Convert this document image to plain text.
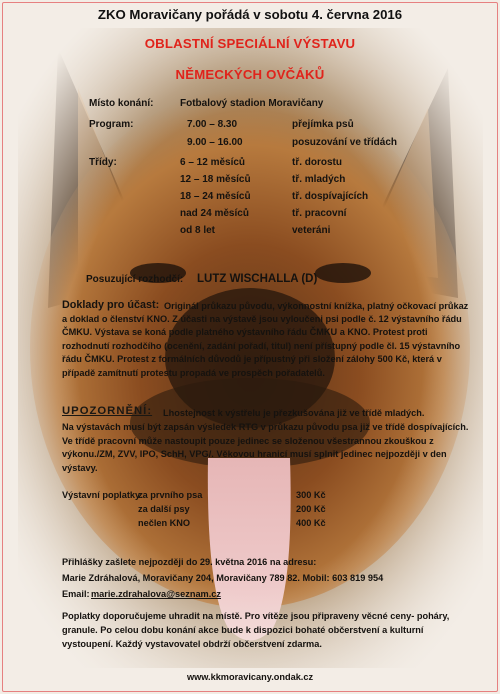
ZKO Moravičany pořádá v sobotu 4. června 2016
OBLASTNÍ SPECIÁLNÍ VÝSTAVU
NĚMECKÝCH OVČÁKŮ
Místo konání:	Fotbalový stadion Moravičany
Program:	7.00 – 8.30	přejímka psů
9.00 – 16.00	posuzování ve třídách
Třídy:	6 – 12 měsíců	tř. dorostu
12 – 18 měsíců	tř. mladých
18 – 24 měsíců	tř. dospívajících
nad 24 měsíců	tř. pracovní
od 8 let	veteráni
Posuzující rozhodčí: LUTZ WISCHALLA (D)
Doklady pro účast: Originál průkazu původu, výkonnostní knížka, platný očkovací průkaz
a doklad o členství KNO. Z účasti na výstavě jsou vyloučeni psi podle č. 12 výstavního řádu
ČMKU. Výstava se koná podle platného výstavního řádu ČMKU a KNO. Protest proti
rozhodnutí rozhodčího (ocenění, zadání pořadí, titul) není přístupný podle čl. 15 výstavního
řádu ČMKU. Protest z formálních důvodů je přípustný při složení zálohy 500 Kč, která v
případě zamítnutí protestu propadá ve prospěch pořadatelů.
UPOZORNĚNÍ: Lhostejnost k výstřelu je přezkušována již ve třídě mladých.
Na výstavách musí být zapsán výsledek RTG v průkazu původu psa již ve třídě dospívajících.
Ve třídě pracovní může nastoupit pouze jedinec se složenou všestrannou zkouškou z
výkonu./ZM, ZVV, IPO, SchH, VPG/. Věkovou hranicí musí splnit jedinec nejpozději v den
výstavy.
Výstavní poplatky:
za prvního psa	300 Kč
za další psy	200 Kč
nečlen KNO	400 Kč
Přihlášky zašlete nejpozději do 29. května 2016 na adresu:
Marie Zdráhalová, Moravičany 204, Moravičany 789 82. Mobil: 603 819 954
Email: marie.zdrahalova@seznam.cz
Poplatky doporučujeme uhradit na místě. Pro vítěze jsou připraveny věcné ceny- poháry,
granule. Po celou dobu konání akce bude k dispozici bohaté občerstvení a kulturní
vystoupení. Každý vystavovatel obdrží občerstvení zdarma.
www.kkmoravicany.ondak.cz
